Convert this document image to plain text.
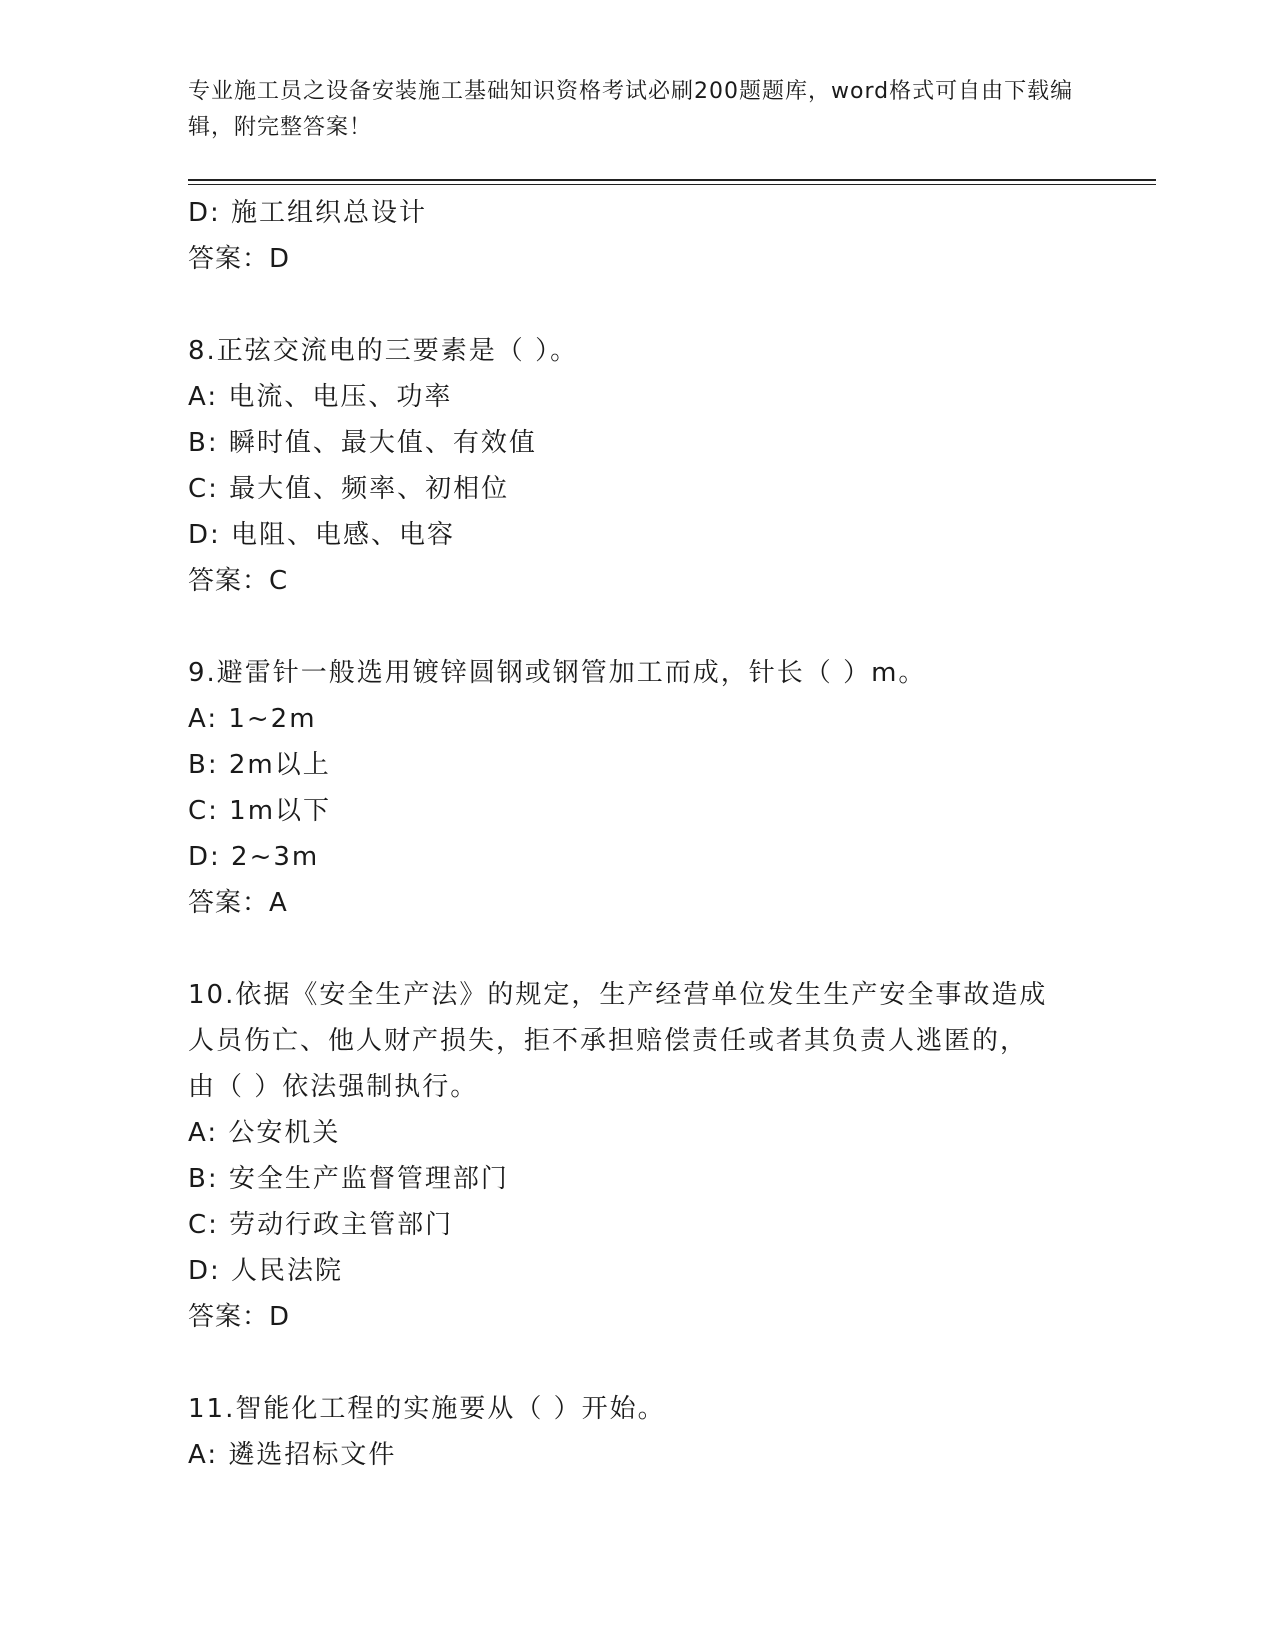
专业施工员之设备安装施工基础知识资格考试必刷200题题库，word格式可自由下载编辑，附完整答案！
D: 施工组织总设计
答案：D
8.正弦交流电的三要素是（ ）。
A: 电流、电压、功率
B: 瞬时值、最大值、有效值
C: 最大值、频率、初相位
D: 电阻、电感、电容
答案：C
9.避雷针一般选用镀锌圆钢或钢管加工而成，针长（ ）m。
A: 1~2m
B: 2m以上
C: 1m以下
D: 2~3m
答案：A
10.依据《安全生产法》的规定，生产经营单位发生生产安全事故造成
人员伤亡、他人财产损失，拒不承担赔偿责任或者其负责人逃匿的，
由（ ）依法强制执行。
A: 公安机关
B: 安全生产监督管理部门
C: 劳动行政主管部门
D: 人民法院
答案：D
11.智能化工程的实施要从（ ）开始。
A: 遴选招标文件
